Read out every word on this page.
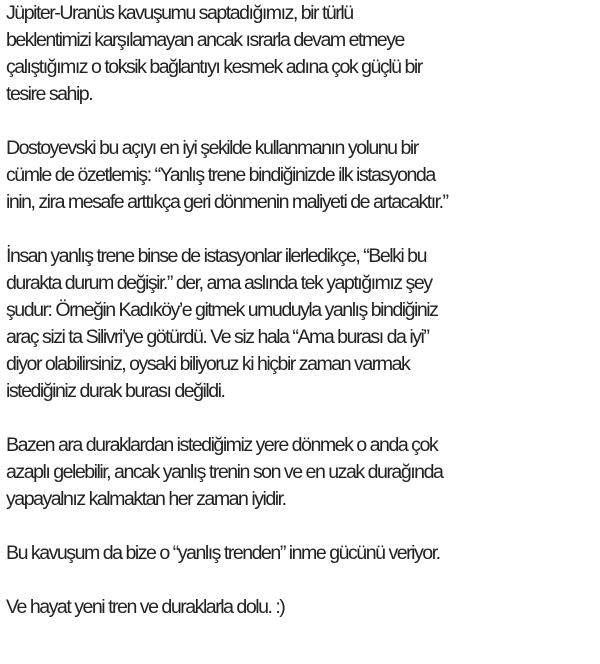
Jüpiter-Uranüs kavuşumu saptadığımız, bir türlü
beklentimizi karşılamayan ancak ısrarla devam etmeye
çalıştığımız o toksik bağlantıyı kesmek adına çok güçlü bir
tesire sahip.
Dostoyevski bu açıyı en iyi şekilde kullanmanın yolunu bir
cümle de özetlemiş: “Yanlış trene bindiğinizde ilk istasyonda
inin, zira mesafe arttıkça geri dönmenin maliyeti de artacaktır.”
İnsan yanlış trene binse de istasyonlar ilerledikçe, “Belki bu
durakta durum değişir.” der, ama aslında tek yaptığımız şey
şudur: Örneğin Kadıköy’e gitmek umuduyla yanlış bindiğiniz
araç sizi ta Silivri’ye götürdü. Ve siz hala “Ama burası da iyi”
diyor olabilirsiniz, oysaki biliyoruz ki hiçbir zaman varmak
istediğiniz durak burası değildi.
Bazen ara duraklardan istediğimiz yere dönmek o anda çok
azaplı gelebilir, ancak yanlış trenin son ve en uzak durağında
yapayalnız kalmaktan her zaman iyidir.
Bu kavuşum da bize o “yanlış trenden” inme gücünü veriyor.
Ve hayat yeni tren ve duraklarla dolu. :)
